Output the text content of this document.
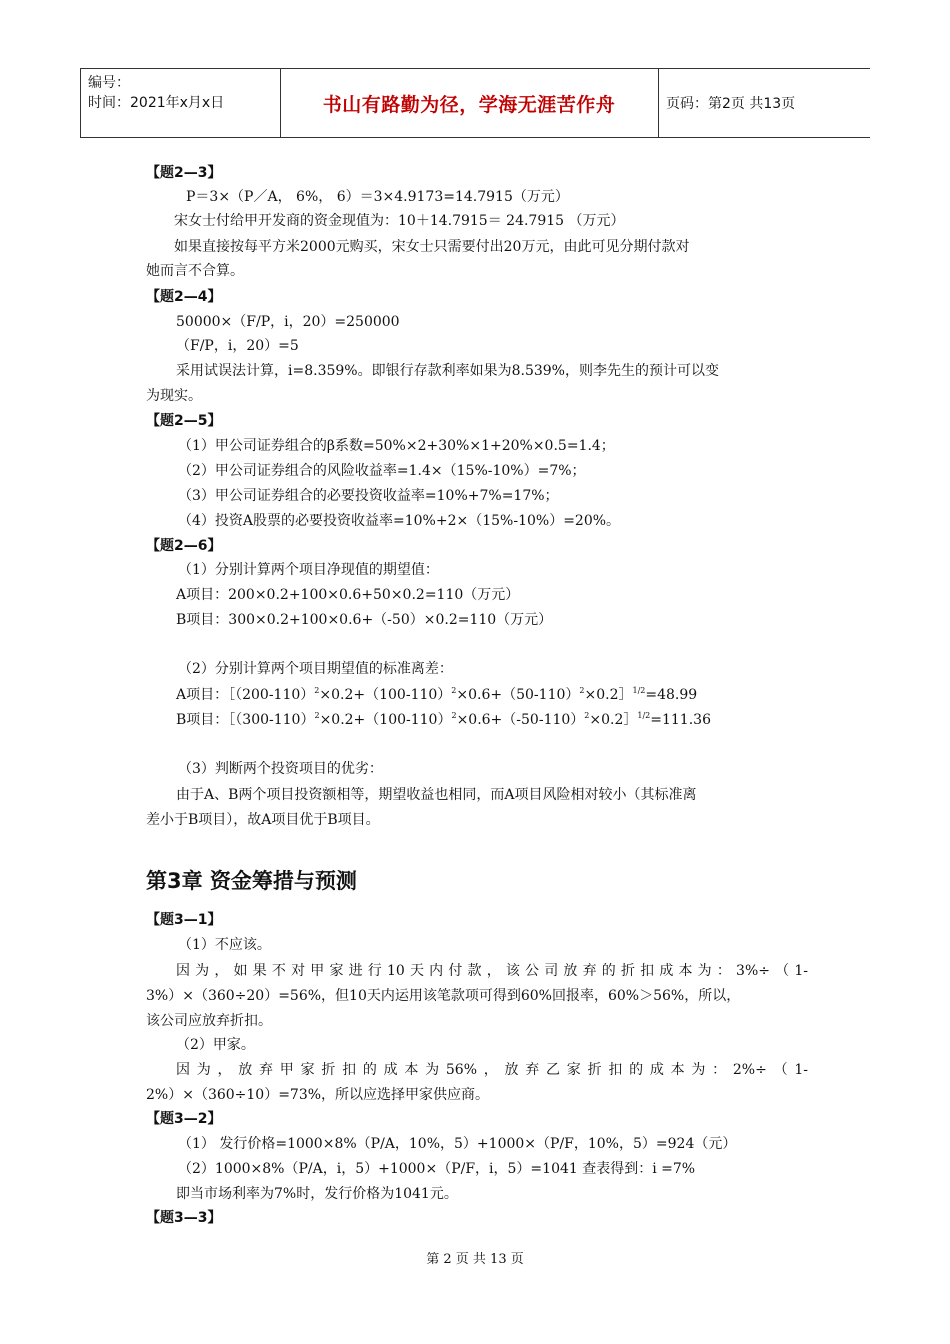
编号：
时间：2021年x月x日	书山有路勤为径，学海无涯苦作舟	页码：第2页 共13页
【题2—3】
P＝3×（P／A， 6%， 6）＝3×4.9173=14.7915（万元）
宋女士付给甲开发商的资金现值为：10＋14.7915＝ 24.7915 （万元）
如果直接按每平方米2000元购买，宋女士只需要付出20万元，由此可见分期付款对
她而言不合算。
【题2—4】
50000×（F/P，i，20）=250000
（F/P，i，20）=5
采用试误法计算，i=8.359%。即银行存款利率如果为8.539%，则李先生的预计可以变
为现实。
【题2—5】
（1）甲公司证券组合的β系数=50%×2+30%×1+20%×0.5=1.4；
（2）甲公司证券组合的风险收益率=1.4×（15%-10%）=7%；
（3）甲公司证券组合的必要投资收益率=10%+7%=17%；
（4）投资A股票的必要投资收益率=10%+2×（15%-10%）=20%。
【题2—6】
（1）分别计算两个项目净现值的期望值：
A项目：200×0.2+100×0.6+50×0.2=110（万元）
B项目：300×0.2+100×0.6+（-50）×0.2=110（万元）
（2）分别计算两个项目期望值的标准离差：
A项目：$[(200-110)^2\times 0.2+(100-110)^2\times 0.6+(50-110)^2\times 0.2]^{1/2}=48.99$
B项目：$[(300-110)^2\times 0.2+(100-110)^2\times 0.6+(-50-110)^2\times 0.2]^{1/2}=111.36$
（3）判断两个投资项目的优劣：
由于A、B两个项目投资额相等，期望收益也相同，而A项目风险相对较小（其标准离
差小于B项目），故A项目优于B项目。
第3章 资金筹措与预测
【题3—1】
（1）不应该。
因为，如果不对甲家进行10天内付款，该公司放弃的折扣成本为：3%÷（1-
3%）×（360÷20）=56%，但10天内运用该笔款项可得到60%回报率，60%＞56%，所以，
该公司应放弃折扣。
（2）甲家。
因为，放弃甲家折扣的成本为56%，放弃乙家折扣的成本为：2%÷（1-
2%）×（360÷10）=73%，所以应选择甲家供应商。
【题3—2】
（1） 发行价格=1000×8%（P/A，10%，5）+1000×（P/F，10%，5）=924（元）
（2）1000×8%（P/A，i，5）+1000×（P/F，i，5）=1041 查表得到：i =7%
即当市场利率为7%时，发行价格为1041元。
【题3—3】
第 2 页 共 13 页
